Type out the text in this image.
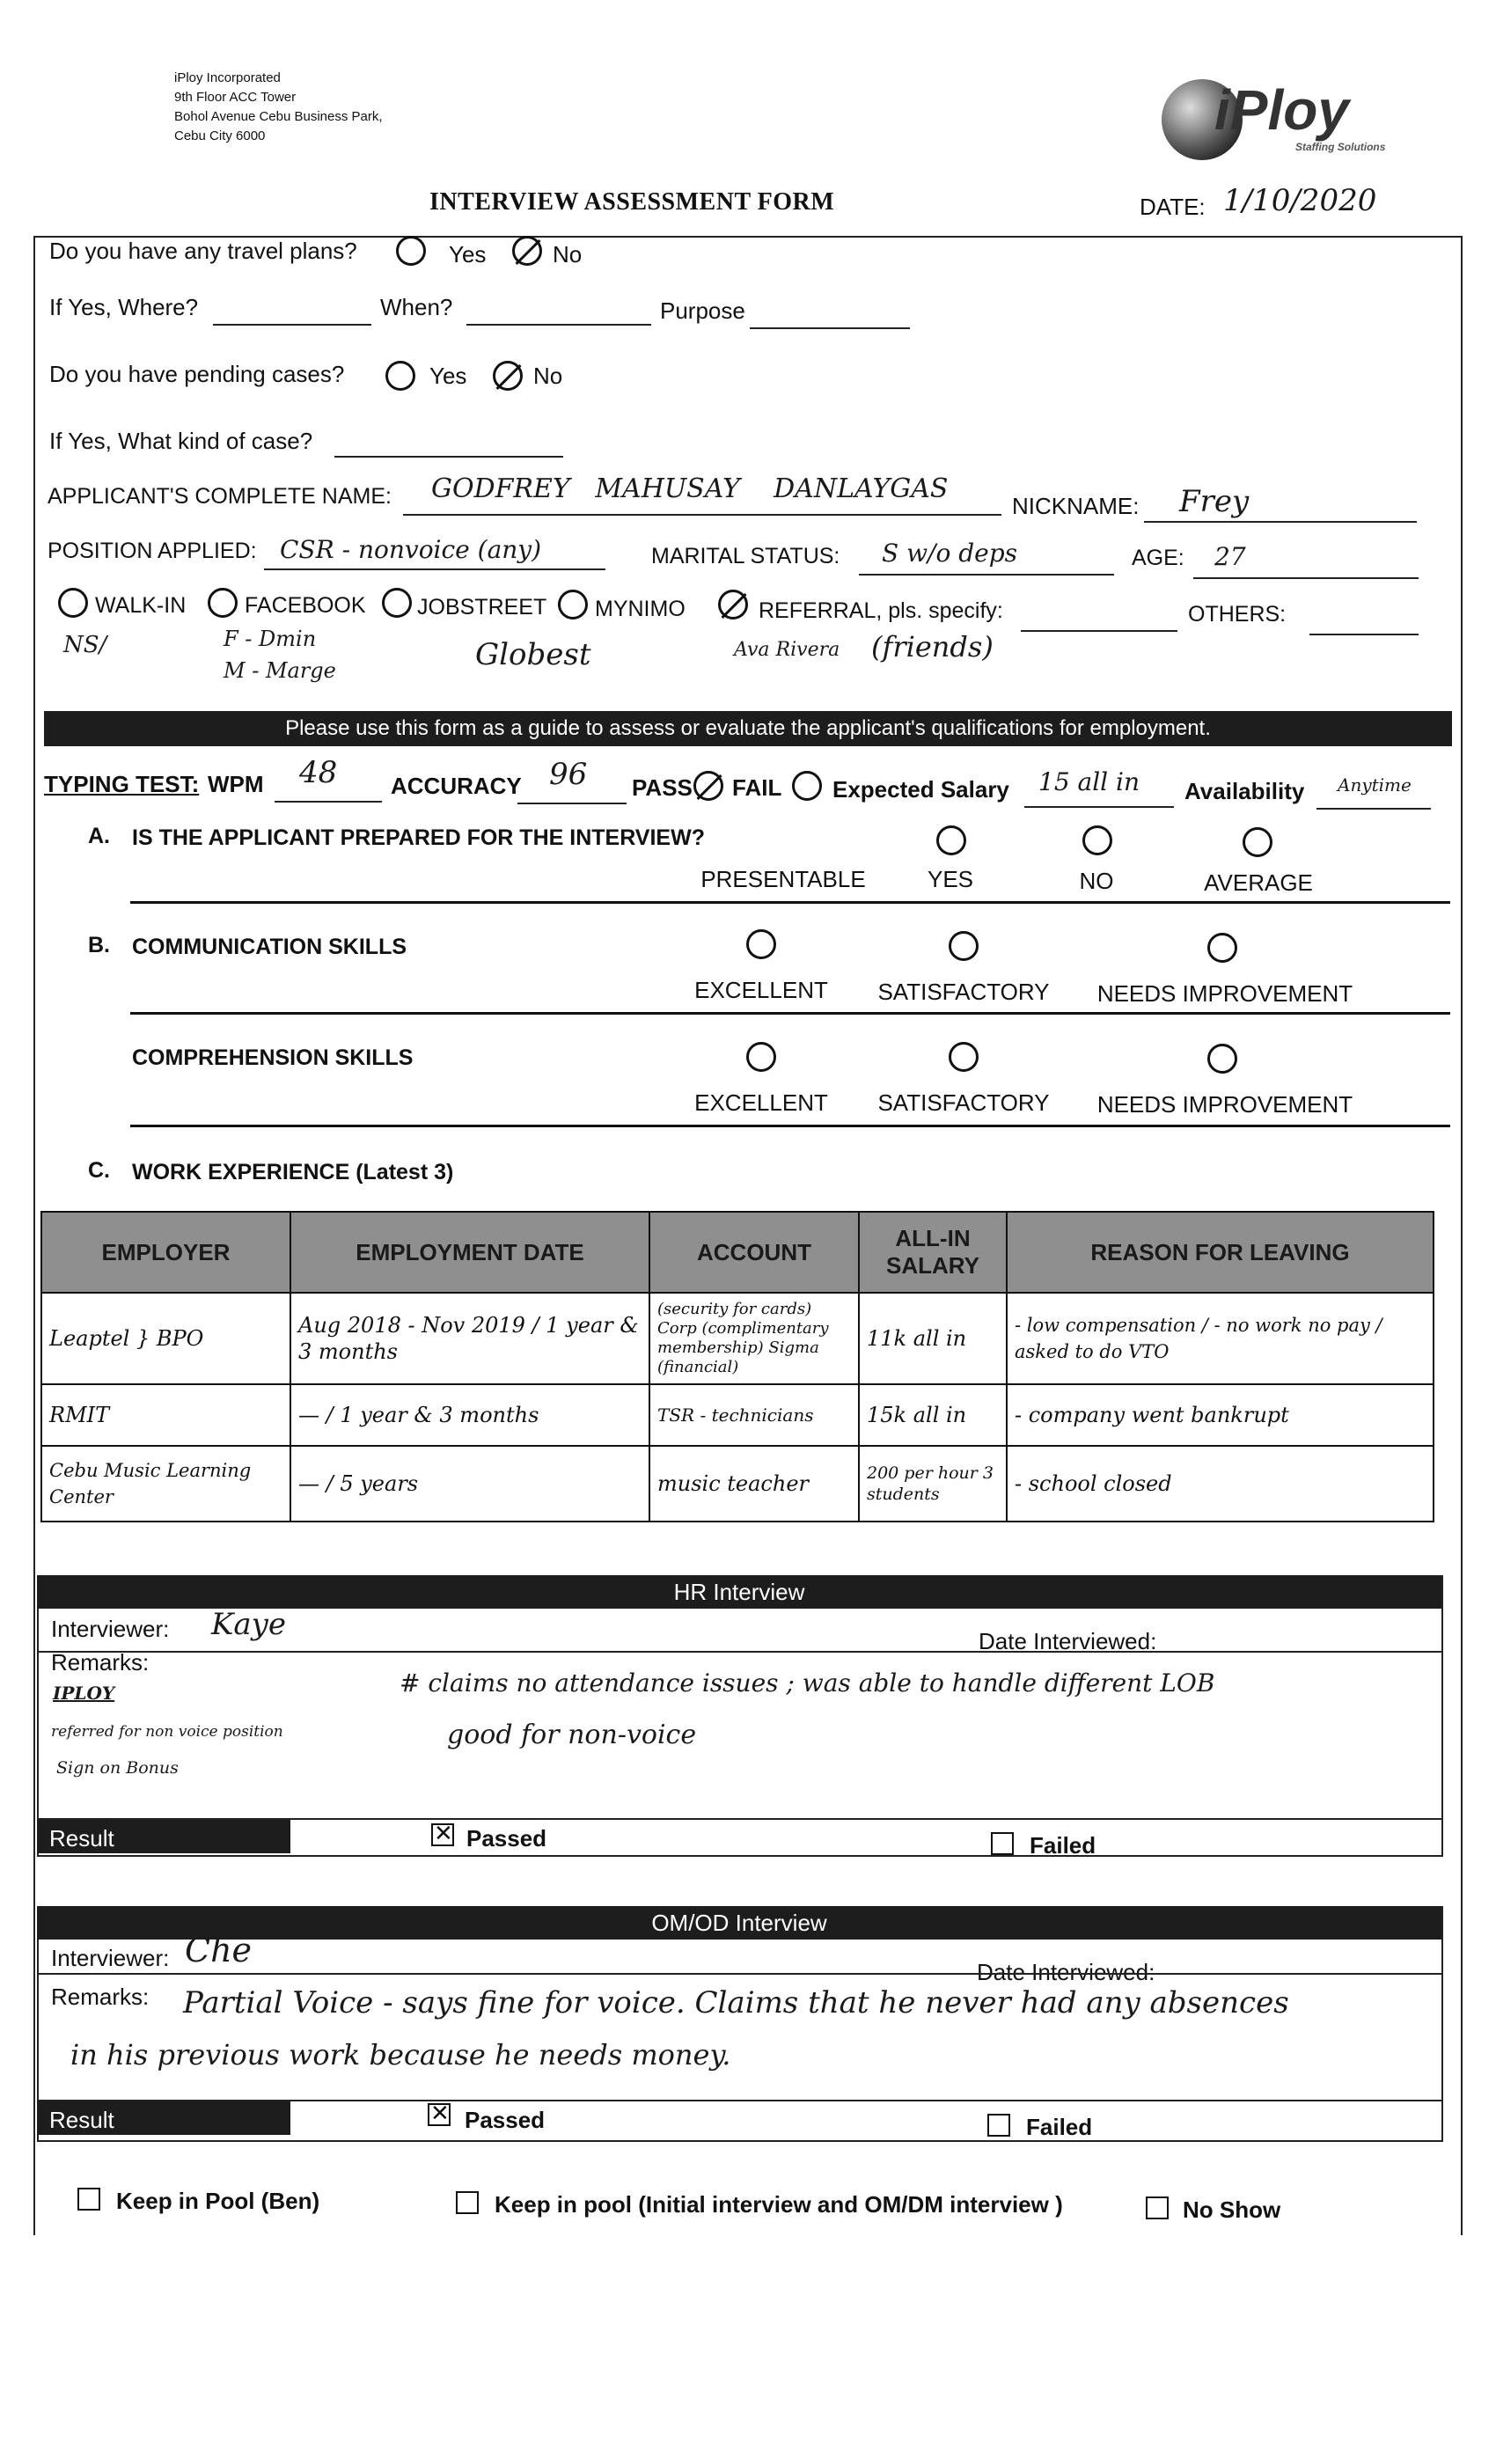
iPloy Incorporated
9th Floor ACC Tower
Bohol Avenue Cebu Business Park,
Cebu City 6000	iPloy
Staffing Solutions
INTERVIEW ASSESSMENT FORM	DATE: 1/10/2020
Do you have any travel plans?	Yes	No
If Yes, Where?	When?	Purpose
Do you have pending cases?	Yes	No
If Yes, What kind of case?
APPLICANT'S COMPLETE NAME: GODFREY   MAHUSAY    DANLAYGAS
NICKNAME: Frey
POSITION APPLIED: CSR - nonvoice (any)	MARITAL STATUS: S w/o deps	AGE: 27
WALK-IN	FACEBOOK JOBSTREET MYNIMO	REFERRAL, pls. specify:	OTHERS:
NS/	F - Dmin
M - Marge	Globest	Ava Rivera (friends)
Please use this form as a guide to assess or evaluate the applicant's qualifications for employment.
TYPING TEST: WPM 48 ACCURACY 96 PASS FAIL Expected Salary 15 all in Availability Anytime
A. IS THE APPLICANT PREPARED FOR THE INTERVIEW?
PRESENTABLE	YES	NO	AVERAGE
B. COMMUNICATION SKILLS
EXCELLENT	SATISFACTORY NEEDS IMPROVEMENT
COMPREHENSION SKILLS
EXCELLENT	SATISFACTORY NEEDS IMPROVEMENT
C. WORK EXPERIENCE (Latest 3)
EMPLOYER	EMPLOYMENT DATE	ACCOUNT	ALL-IN SALARY	REASON FOR LEAVING
Leaptel } BPO	Aug 2018 - Nov 2019 / 1 year & 3 months	(security for cards) Corp (complimentary membership) Sigma (financial)	11k all in	- low compensation / - no work no pay / asked to do VTO
RMIT	— / 1 year & 3 months	TSR - technicians	15k all in	- company went bankrupt
Cebu Music Learning Center	— / 5 years	music teacher	200 per hour 3 students	- school closed
HR Interview
Interviewer: Kaye	Date Interviewed:
Remarks:
IPLOY
referred for non voice position
Sign on Bonus
# claims no attendance issues ; was able to handle different LOB
good for non-voice
Result ✕	Passed	Failed
OM/OD Interview
Interviewer: Che
Date Interviewed:
Remarks: Partial Voice - says fine for voice. Claims that he never had any absences
in his previous work because he needs money.
Result ✕	Passed	Failed
Keep in Pool (Ben)	Keep in pool (Initial interview and OM/DM interview )	No Show
